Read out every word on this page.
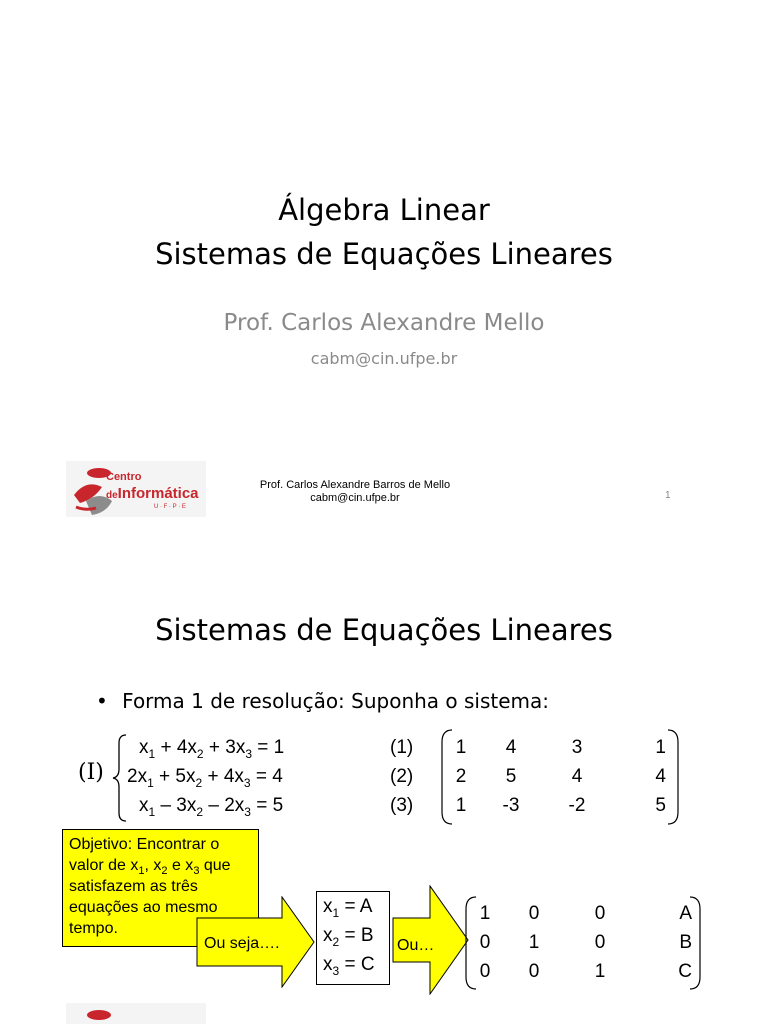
Álgebra Linear
Sistemas de Equações Lineares
Prof. Carlos Alexandre Mello
cabm@cin.ufpe.br
Centro
deInformática
U · F · P · E
Prof. Carlos Alexandre Barros de Mello
cabm@cin.ufpe.br	1
Sistemas de Equações Lineares
• Forma 1 de resolução: Suponha o sistema:
(I)
$x_1 + 4x_2 + 3x_3 = 1$
$2x_1 + 5x_2 + 4x_3 = 4$
$x_1 - 3x_2 - 2x_3 = 5$
(1)
(2)
(3)
1	4	3	1
2	5	4	4
1	-3	-2	5
Objetivo: Encontrar o
valor de $x_1$, $x_2$ e $x_3$ que
satisfazem as três
equações ao mesmo
tempo.
Ou seja….
$x_1 = A$
$x_2 = B$
$x_3 = C$
Ou…
1	0	0	A
0	1	0	B
0	0	1	C
